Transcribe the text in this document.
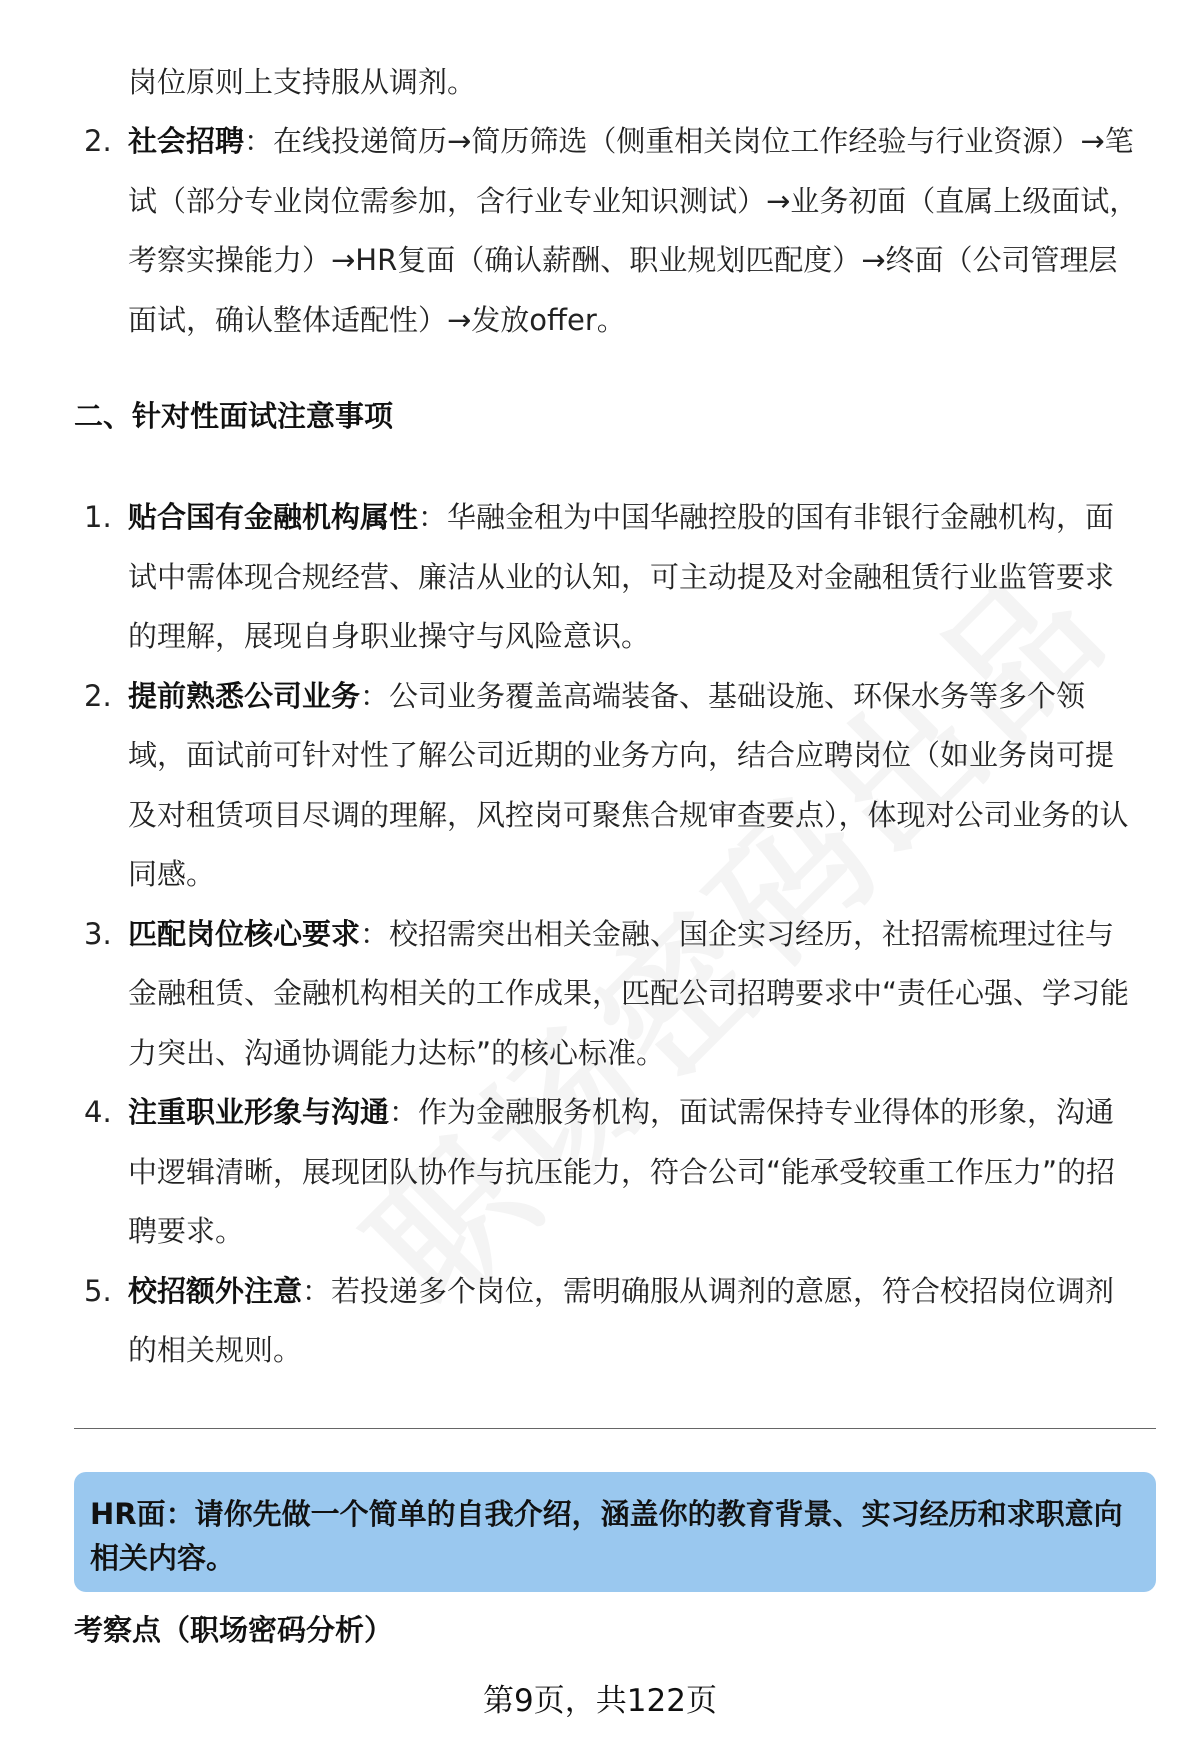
岗位原则上支持服从调剂。
2. 社会招聘：在线投递简历→简历筛选（侧重相关岗位工作经验与行业资源）→笔试（部分专业岗位需参加，含行业专业知识测试）→业务初面（直属上级面试，考察实操能力）→HR复面（确认薪酬、职业规划匹配度）→终面（公司管理层面试，确认整体适配性）→发放offer。
二、针对性面试注意事项
1. 贴合国有金融机构属性：华融金租为中国华融控股的国有非银行金融机构，面试中需体现合规经营、廉洁从业的认知，可主动提及对金融租赁行业监管要求的理解，展现自身职业操守与风险意识。
2. 提前熟悉公司业务：公司业务覆盖高端装备、基础设施、环保水务等多个领域，面试前可针对性了解公司近期的业务方向，结合应聘岗位（如业务岗可提及对租赁项目尽调的理解，风控岗可聚焦合规审查要点），体现对公司业务的认同感。
3. 匹配岗位核心要求：校招需突出相关金融、国企实习经历，社招需梳理过往与金融租赁、金融机构相关的工作成果，匹配公司招聘要求中“责任心强、学习能力突出、沟通协调能力达标”的核心标准。
4. 注重职业形象与沟通：作为金融服务机构，面试需保持专业得体的形象，沟通中逻辑清晰，展现团队协作与抗压能力，符合公司“能承受较重工作压力”的招聘要求。
5. 校招额外注意：若投递多个岗位，需明确服从调剂的意愿，符合校招岗位调剂的相关规则。
HR面：请你先做一个简单的自我介绍，涵盖你的教育背景、实习经历和求职意向相关内容。
考察点（职场密码分析）
第9页，共122页
